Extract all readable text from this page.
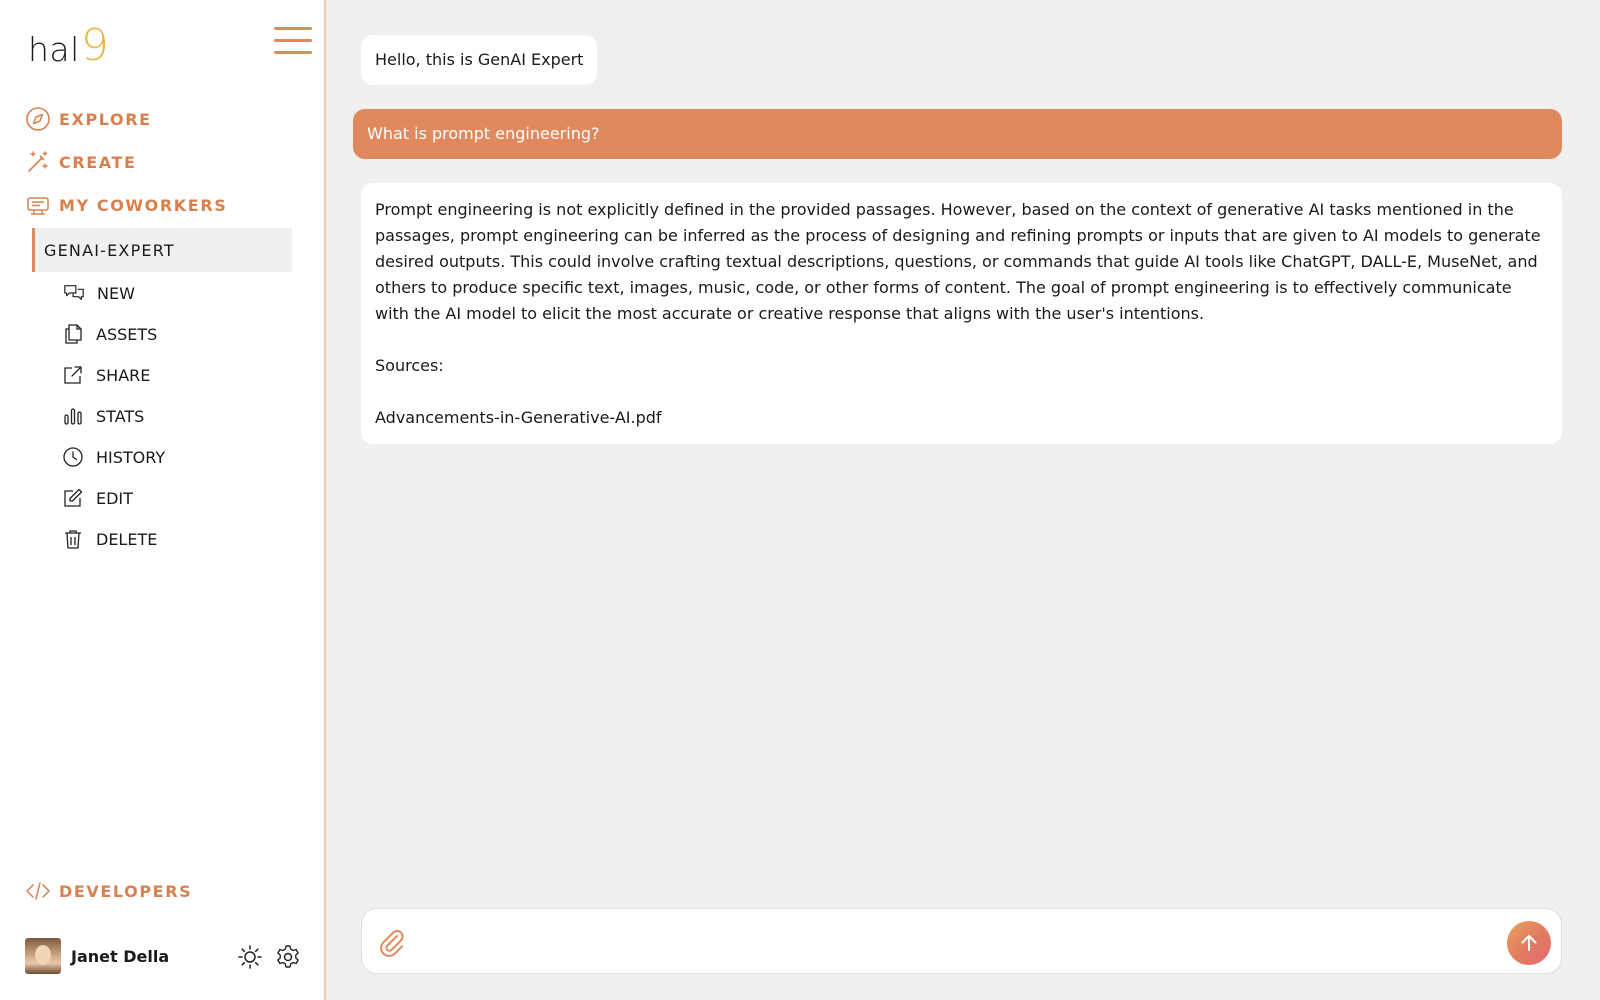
hal 9
EXPLORE
CREATE
MY COWORKERS
GENAI-EXPERT
NEW
ASSETS
SHARE
STATS
HISTORY
EDIT
DELETE
DEVELOPERS
Janet Della
Hello, this is GenAI Expert
What is prompt engineering?

Prompt engineering is not explicitly defined in the provided passages. However, based on the context of generative AI tasks mentioned in the passages, prompt engineering can be inferred as the process of designing and refining prompts or inputs that are given to AI models to generate desired outputs. This could involve crafting textual descriptions, questions, or commands that guide AI tools like ChatGPT, DALL-E, MuseNet, and others to produce specific text, images, music, code, or other forms of content. The goal of prompt engineering is to effectively communicate with the AI model to elicit the most accurate or creative response that aligns with the user's intentions.

Sources:

Advancements-in-Generative-AI.pdf
